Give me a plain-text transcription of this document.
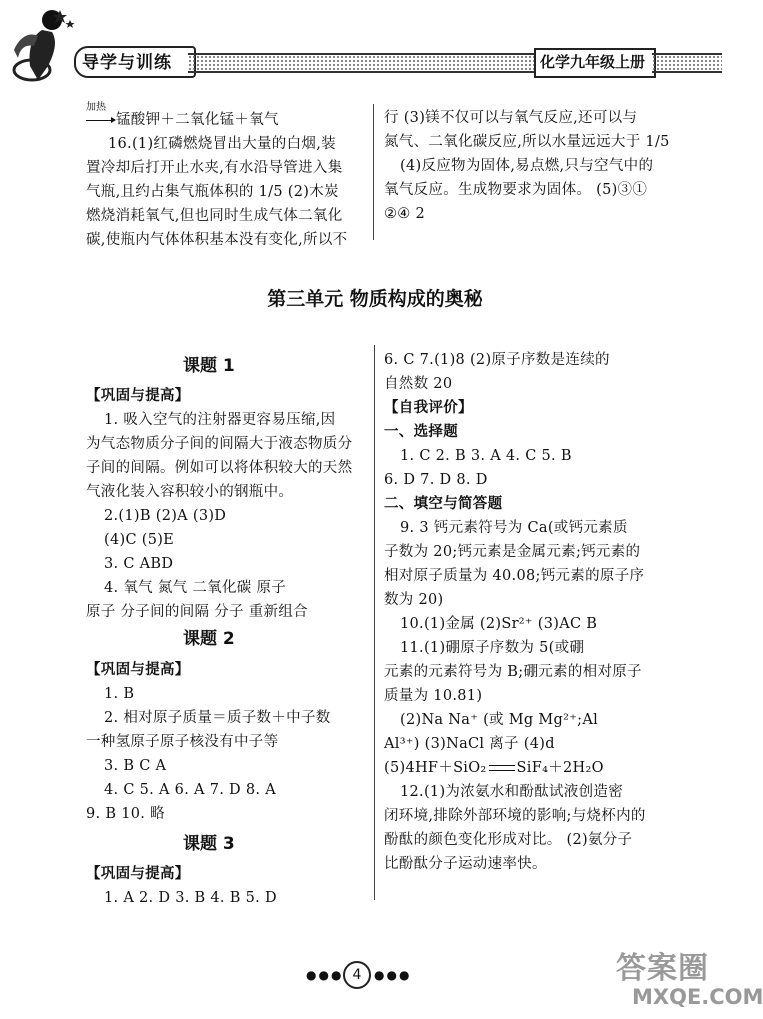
导学与训练	化学九年级上册
加热
→ 锰酸钾＋二氧化锰＋氧气
16.(1)红磷燃烧冒出大量的白烟,装
置冷却后打开止水夹,有水沿导管进入集
气瓶,且约占集气瓶体积的 1/5 (2)木炭
燃烧消耗氧气,但也同时生成气体二氧化
碳,使瓶内气体体积基本没有变化,所以不
行 (3)镁不仅可以与氧气反应,还可以与
氮气、二氧化碳反应,所以水量远远大于 1/5
(4)反应物为固体,易点燃,只与空气中的
氧气反应。生成物要求为固体。 (5)③①
②④ 2
第三单元 物质构成的奥秘
课题 1
【巩固与提高】
1. 吸入空气的注射器更容易压缩,因
为气态物质分子间的间隔大于液态物质分
子间的间隔。例如可以将体积较大的天然
气液化装入容积较小的钢瓶中。
2.(1)B (2)A (3)D
(4)C (5)E
3. C ABD
4. 氧气 氮气 二氧化碳 原子
原子 分子间的间隔 分子 重新组合
课题 2
【巩固与提高】
1. B
2. 相对原子质量＝质子数＋中子数
一种氢原子原子核没有中子等
3. B C A
4. C 5. A 6. A 7. D 8. A
9. B 10. 略
课题 3
【巩固与提高】
1. A 2. D 3. B 4. B 5. D
6. C 7.(1)8 (2)原子序数是连续的
自然数 20
【自我评价】
一、选择题
1. C 2. B 3. A 4. C 5. B
6. D 7. D 8. D
二、填空与简答题
9. 3 钙元素符号为 Ca(或钙元素质
子数为 20;钙元素是金属元素;钙元素的
相对原子质量为 40.08;钙元素的原子序
数为 20)
10.(1)金属 (2)Sr²⁺ (3)AC B
11.(1)硼原子序数为 5(或硼
元素的元素符号为 B;硼元素的相对原子
质量为 10.81)
(2)Na Na⁺ (或 Mg Mg²⁺;Al
Al³⁺) (3)NaCl 离子 (4)d
(5)4HF＋SiO₂ SiF₄＋2H₂O
12.(1)为浓氨水和酚酞试液创造密
闭环境,排除外部环境的影响;与烧杯内的
酚酞的颜色变化形成对比。 (2)氨分子
比酚酞分子运动速率快。
●●● 4	●●●	答案圈
MXQE.COM
